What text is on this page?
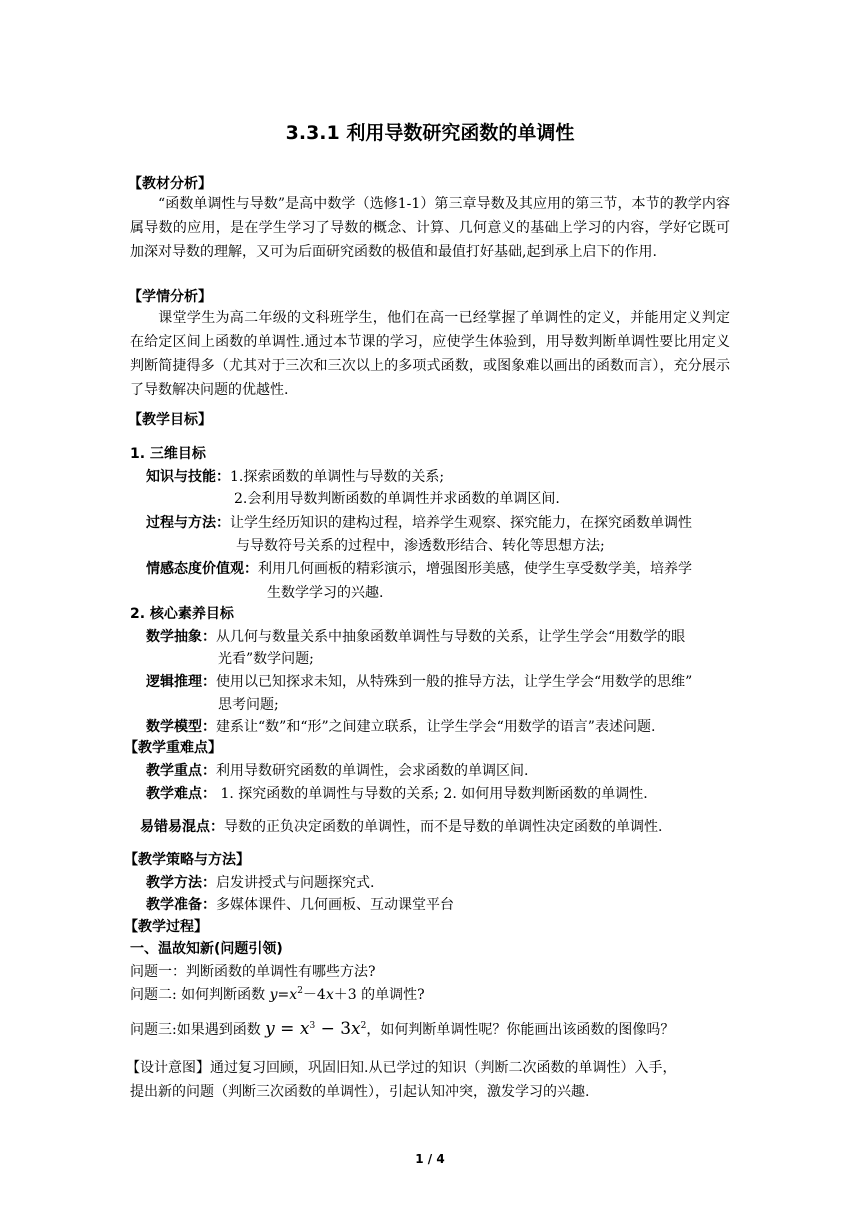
3.3.1 利用导数研究函数的单调性
【教材分析】
“函数单调性与导数”是高中数学（选修1-1）第三章导数及其应用的第三节，本节的教学内容属导数的应用，是在学生学习了导数的概念、计算、几何意义的基础上学习的内容，学好它既可加深对导数的理解，又可为后面研究函数的极值和最值打好基础,起到承上启下的作用.
【学情分析】
课堂学生为高二年级的文科班学生，他们在高一已经掌握了单调性的定义，并能用定义判定在给定区间上函数的单调性.通过本节课的学习，应使学生体验到，用导数判断单调性要比用定义判断简捷得多（尤其对于三次和三次以上的多项式函数，或图象难以画出的函数而言），充分展示了导数解决问题的优越性.
【教学目标】
1. 三维目标
知识与技能：1.探索函数的单调性与导数的关系;
2.会利用导数判断函数的单调性并求函数的单调区间.
过程与方法：让学生经历知识的建构过程，培养学生观察、探究能力，在探究函数单调性
与导数符号关系的过程中，渗透数形结合、转化等思想方法;
情感态度价值观：利用几何画板的精彩演示，增强图形美感，使学生享受数学美，培养学
生数学学习的兴趣.
2. 核心素养目标
数学抽象：从几何与数量关系中抽象函数单调性与导数的关系，让学生学会“用数学的眼
光看”数学问题;
逻辑推理：使用以已知探求未知，从特殊到一般的推导方法，让学生学会“用数学的思维”
思考问题;
数学模型：建系让“数”和“形”之间建立联系，让学生学会“用数学的语言”表述问题.
【教学重难点】
教学重点：利用导数研究函数的单调性，会求函数的单调区间.
教学难点： 1. 探究函数的单调性与导数的关系; 2. 如何用导数判断函数的单调性.
易错易混点：导数的正负决定函数的单调性，而不是导数的单调性决定函数的单调性.
【教学策略与方法】
教学方法：启发讲授式与问题探究式.
教学准备：多媒体课件、几何画板、互动课堂平台
【教学过程】
一、温故知新(问题引领)
问题一：判断函数的单调性有哪些方法?
问题二: 如何判断函数 $y=x^2-4x+3$ 的单调性?
问题三:如果遇到函数 $y = x^3 - 3x^2$，如何判断单调性呢？你能画出该函数的图像吗？
【设计意图】通过复习回顾，巩固旧知.从已学过的知识（判断二次函数的单调性）入手，
提出新的问题（判断三次函数的单调性），引起认知冲突，激发学习的兴趣.
1 / 4
